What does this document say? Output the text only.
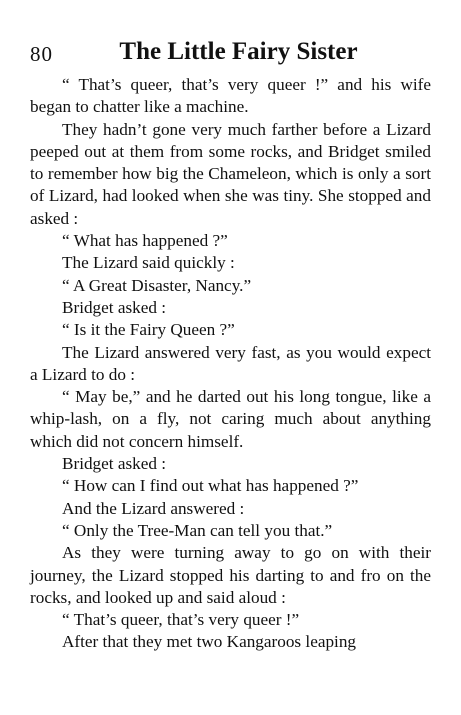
80	The Little Fairy Sister

“ That’s queer, that’s very queer !” and his wife began to chatter like a machine.

They hadn’t gone very much farther before a Lizard peeped out at them from some rocks, and Bridget smiled to remember how big the Chameleon, which is only a sort of Lizard, had looked when she was tiny. She stopped and asked :

“ What has happened ?”

The Lizard said quickly :

“ A Great Disaster, Nancy.”

Bridget asked :

“ Is it the Fairy Queen ?”

The Lizard answered very fast, as you would expect a Lizard to do :

“ May be,” and he darted out his long tongue, like a whip-lash, on a fly, not caring much about anything which did not concern himself.

Bridget asked :

“ How can I find out what has happened ?”

And the Lizard answered :

“ Only the Tree-Man can tell you that.”

As they were turning away to go on with their journey, the Lizard stopped his darting to and fro on the rocks, and looked up and said aloud :

“ That’s queer, that’s very queer !”

After that they met two Kangaroos leaping
